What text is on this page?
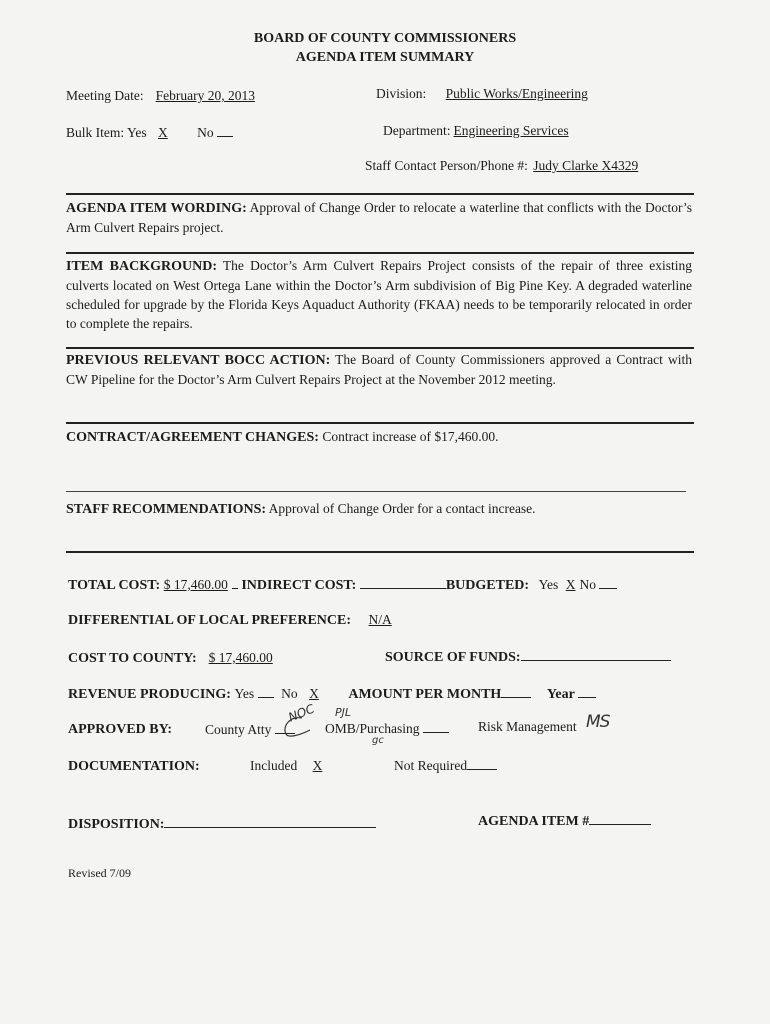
BOARD OF COUNTY COMMISSIONERS
AGENDA ITEM SUMMARY
Meeting Date: February 20, 2013	Division: Public Works/Engineering
Bulk Item: Yes X No	Department: Engineering Services
Staff Contact Person/Phone #: Judy Clarke X4329
AGENDA ITEM WORDING: Approval of Change Order to relocate a waterline that conflicts with the Doctor’s Arm Culvert Repairs project.
ITEM BACKGROUND: The Doctor’s Arm Culvert Repairs Project consists of the repair of three existing culverts located on West Ortega Lane within the Doctor’s Arm subdivision of Big Pine Key. A degraded waterline scheduled for upgrade by the Florida Keys Aquaduct Authority (FKAA) needs to be temporarily relocated in order to complete the repairs.
PREVIOUS RELEVANT BOCC ACTION: The Board of County Commissioners approved a Contract with CW Pipeline for the Doctor’s Arm Culvert Repairs Project at the November 2012 meeting.
CONTRACT/AGREEMENT CHANGES: Contract increase of $17,460.00.
STAFF RECOMMENDATIONS: Approval of Change Order for a contact increase.
TOTAL COST: $ 17,460.00 INDIRECT COST:	BUDGETED: Yes X No
DIFFERENTIAL OF LOCAL PREFERENCE: N/A
COST TO COUNTY: $ 17,460.00	SOURCE OF FUNDS:
REVENUE PRODUCING: Yes No X AMOUNT PER MONTH	Year
APPROVED BY: County Atty	OMB/Purchasing	Risk Management
NOC PJL
gc
MS
DOCUMENTATION:	Included X	Not Required
DISPOSITION:	AGENDA ITEM #
Revised 7/09
